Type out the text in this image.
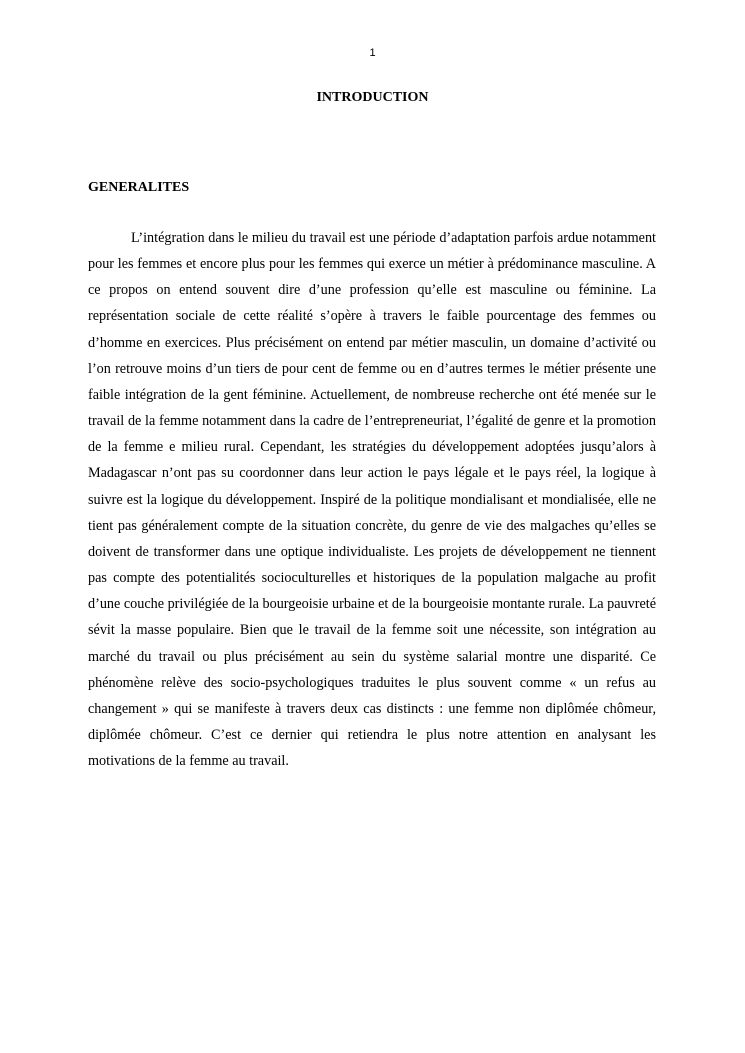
1
INTRODUCTION
GENERALITES

L’intégration dans le milieu du travail est une période d’adaptation parfois ardue notamment pour les femmes et encore plus pour les femmes qui exerce un métier à prédominance masculine. A ce propos on entend souvent dire d’une profession qu’elle est masculine ou féminine. La représentation sociale de cette réalité s’opère à travers le faible pourcentage des femmes ou d’homme en exercices. Plus précisément on entend par métier masculin, un domaine d’activité ou l’on retrouve moins d’un tiers de pour cent de femme ou en d’autres termes le métier présente une faible intégration de la gent féminine. Actuellement, de nombreuse recherche ont été menée sur le travail de la femme notamment dans la cadre de l’entrepreneuriat, l’égalité de genre et la promotion de la femme e milieu rural. Cependant, les stratégies du développement adoptées jusqu’alors à Madagascar n’ont pas su coordonner dans leur action le pays légale et le pays réel, la logique à suivre est la logique du développement. Inspiré de la politique mondialisant et mondialisée, elle ne tient pas généralement compte de la situation concrète, du genre de vie des malgaches qu’elles se doivent de transformer dans une optique individualiste. Les projets de développement ne tiennent pas compte des potentialités socioculturelles et historiques de la population malgache au profit d’une couche privilégiée de la bourgeoisie urbaine et de la bourgeoisie montante rurale. La pauvreté sévit la masse populaire. Bien que le travail de la femme soit une nécessite, son intégration au marché du travail ou plus précisément au sein du système salarial montre une disparité. Ce phénomène relève des socio-psychologiques traduites le plus souvent comme « un refus au changement » qui se manifeste à travers deux cas distincts : une femme non diplômée chômeur, diplômée chômeur. C’est ce dernier qui retiendra le plus notre attention en analysant les motivations de la femme au travail.
